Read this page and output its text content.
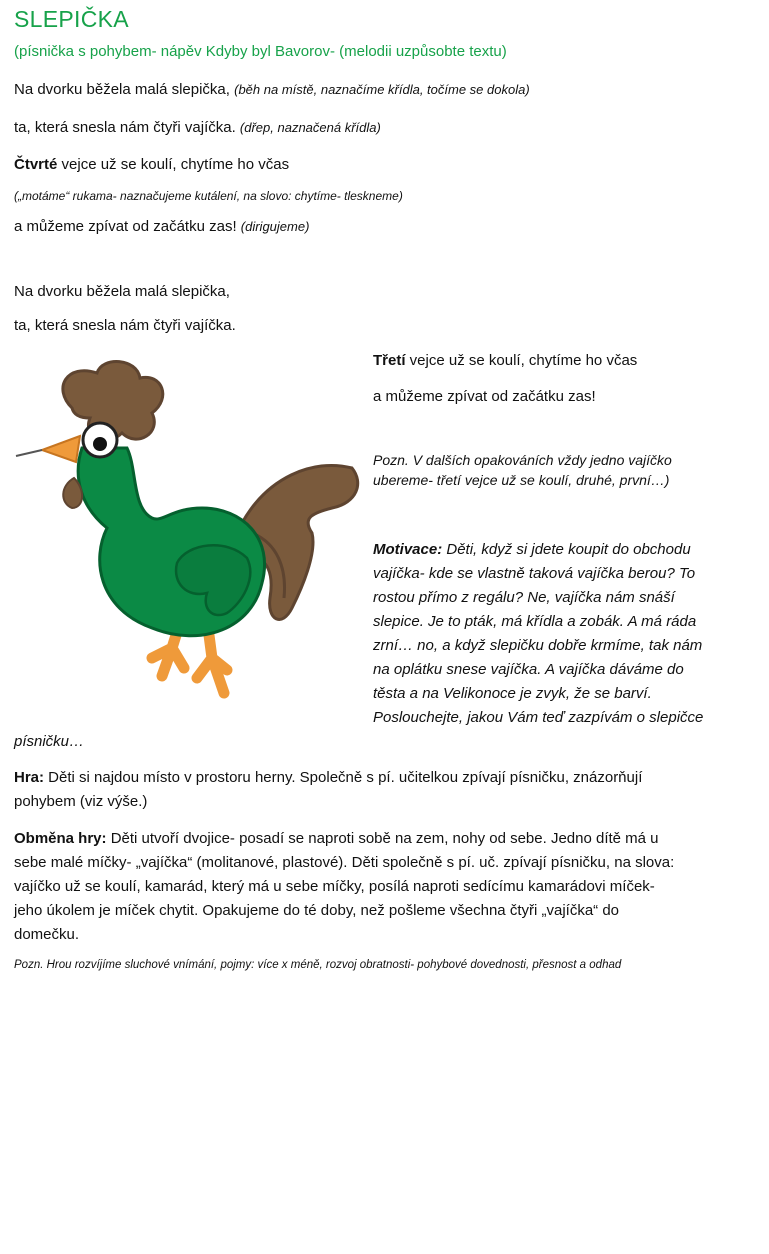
SLEPIČKA
(písnička s pohybem- nápěv Kdyby byl Bavorov- (melodii uzpůsobte textu)
Na dvorku běžela malá slepička, (běh na místě, naznačíme křídla, točíme se dokola)
ta, která snesla nám čtyři vajíčka. (dřep, naznačená křídla)
Čtvrté vejce už se koulí, chytíme ho včas
(„motáme“ rukama- naznačujeme kutálení, na slovo: chytíme- tleskneme)
a můžeme zpívat od začátku zas! (dirigujeme)
Na dvorku běžela malá slepička,
ta, která snesla nám čtyři vajíčka.
Třetí vejce už se koulí, chytíme ho včas
a můžeme zpívat od začátku zas!
Pozn. V dalších opakováních vždy jedno vajíčko
ubereme- třetí vejce už se koulí, druhé, první…)
Motivace: Děti, když si jdete koupit do obchodu
vajíčka- kde se vlastně taková vajíčka berou? To
rostou přímo z regálu? Ne, vajíčka nám snáší
slepice. Je to pták, má křídla a zobák. A má ráda
zrní… no, a když slepičku dobře krmíme, tak nám
na oplátku snese vajíčka. A vajíčka dáváme do
těsta a na Velikonoce je zvyk, že se barví.
Poslouchejte, jakou Vám teď zazpívám o slepičce
písničku…
Hra: Děti si najdou místo v prostoru herny. Společně s pí. učitelkou zpívají písničku, znázorňují
pohybem (viz výše.)
Obměna hry: Děti utvoří dvojice- posadí se naproti sobě na zem, nohy od sebe. Jedno dítě má u
sebe malé míčky- „vajíčka“ (molitanové, plastové). Děti společně s pí. uč. zpívají písničku, na slova:
vajíčko už se koulí, kamarád, který má u sebe míčky, posílá naproti sedícímu kamarádovi míček-
jeho úkolem je míček chytit. Opakujeme do té doby, než pošleme všechna čtyři „vajíčka“ do
domečku.
Pozn. Hrou rozvíjíme sluchové vnímání, pojmy: více x méně, rozvoj obratnosti- pohybové dovednosti, přesnost a odhad
